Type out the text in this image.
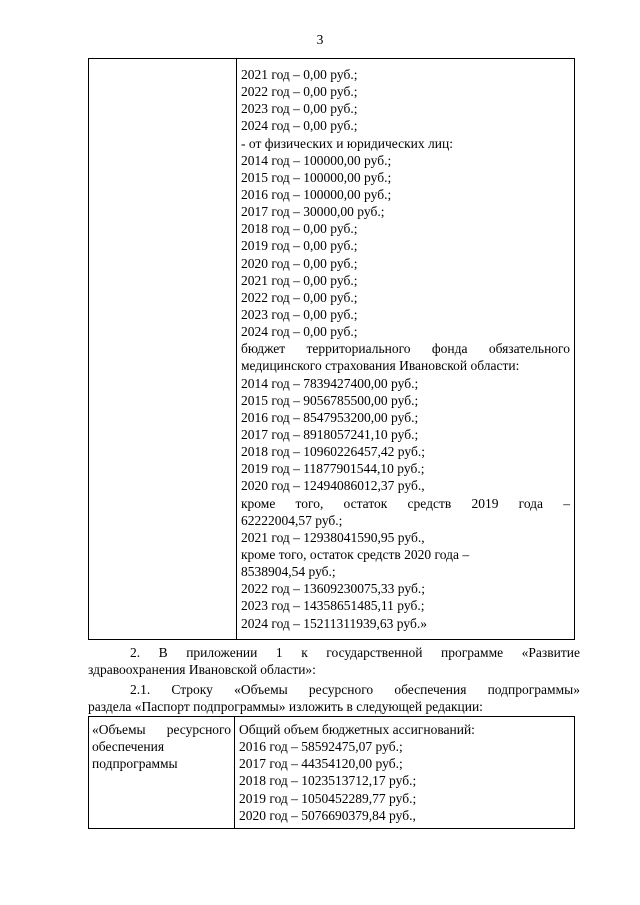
3
2021 год – 0,00 руб.;
2022 год – 0,00 руб.;
2023 год – 0,00 руб.;
2024 год – 0,00 руб.;
- от физических и юридических лиц:
2014 год – 100000,00 руб.;
2015 год – 100000,00 руб.;
2016 год – 100000,00 руб.;
2017 год – 30000,00 руб.;
2018 год – 0,00 руб.;
2019 год – 0,00 руб.;
2020 год – 0,00 руб.;
2021 год – 0,00 руб.;
2022 год – 0,00 руб.;
2023 год – 0,00 руб.;
2024 год – 0,00 руб.;
бюджет территориального фонда обязательного
медицинского страхования Ивановской области:
2014 год – 7839427400,00 руб.;
2015 год – 9056785500,00 руб.;
2016 год – 8547953200,00 руб.;
2017 год – 8918057241,10 руб.;
2018 год – 10960226457,42 руб.;
2019 год – 11877901544,10 руб.;
2020 год – 12494086012,37 руб.,
кроме того, остаток средств 2019 года –
62222004,57 руб.;
2021 год – 12938041590,95 руб.,
кроме того, остаток средств 2020 года –
8538904,54 руб.;
2022 год – 13609230075,33 руб.;
2023 год – 14358651485,11 руб.;
2024 год – 15211311939,63 руб.»
2. В приложении 1 к государственной программе «Развитие
здравоохранения Ивановской области»:
2.1. Строку «Объемы ресурсного обеспечения подпрограммы»
раздела «Паспорт подпрограммы» изложить в следующей редакции:
«Объемы ресурсного
обеспечения
подпрограммы
Общий объем бюджетных ассигнований:
2016 год – 58592475,07 руб.;
2017 год – 44354120,00 руб.;
2018 год – 1023513712,17 руб.;
2019 год – 1050452289,77 руб.;
2020 год – 5076690379,84 руб.,
